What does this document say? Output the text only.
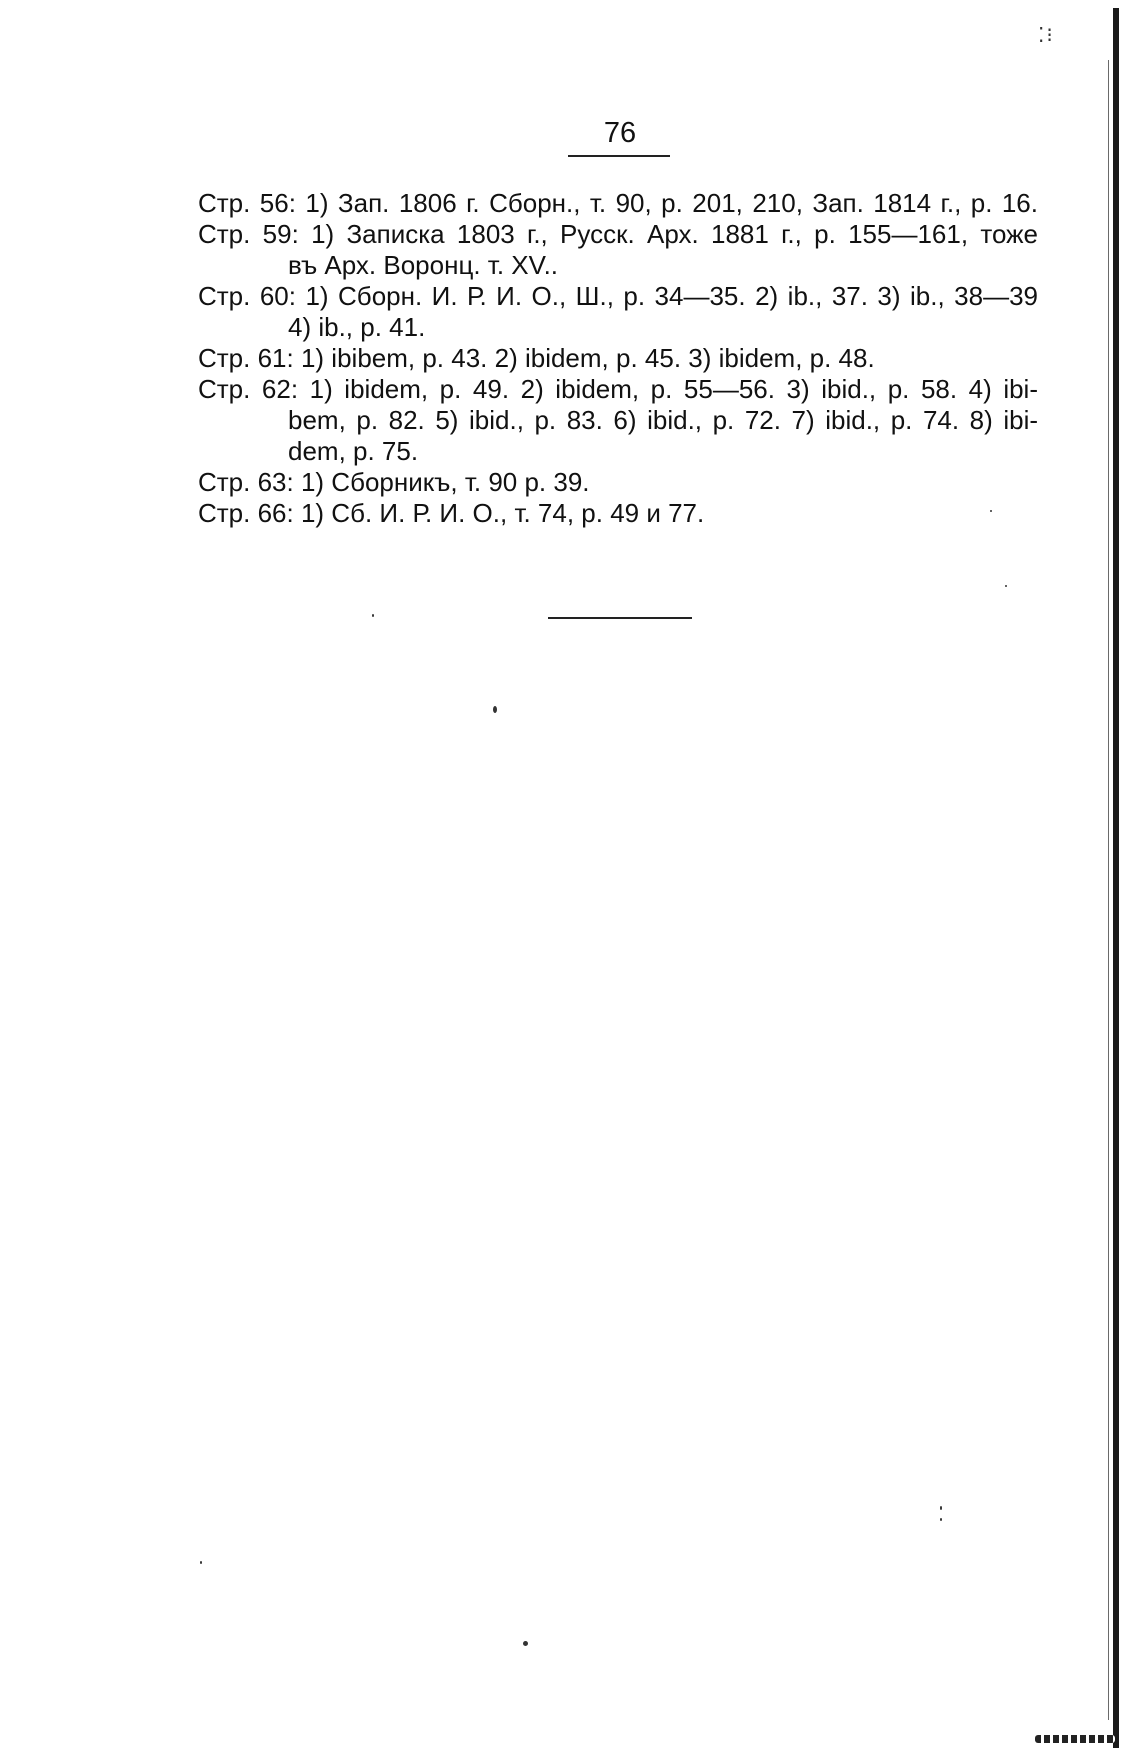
⁚⁝
76
Стр. 56: 1) Зап. 1806 г. Сборн., т. 90, р. 201, 210, Зап. 1814 г., р. 16.
Стр. 59: 1) Записка 1803 г., Русск. Арх. 1881 г., р. 155—161, тоже
въ Арх. Воронц. т. XV..
Стр. 60: 1) Сборн. И. Р. И. О., Ш., р. 34—35. 2) ib., 37. 3) ib., 38—39
4) ib., р. 41.
Стр. 61: 1) ibibem, р. 43. 2) ibidem, р. 45. 3) ibidem, р. 48.
Стр. 62: 1) ibidem, р. 49. 2) ibidem, р. 55—56. 3) ibid., р. 58. 4) ibi-
bem, р. 82. 5) ibid., р. 83. 6) ibid., р. 72. 7) ibid., р. 74. 8) ibi-
dem, р. 75.
Стр. 63: 1) Сборникъ, т. 90 р. 39.
Стр. 66: 1) Сб. И. Р. И. О., т. 74, р. 49 и 77.
